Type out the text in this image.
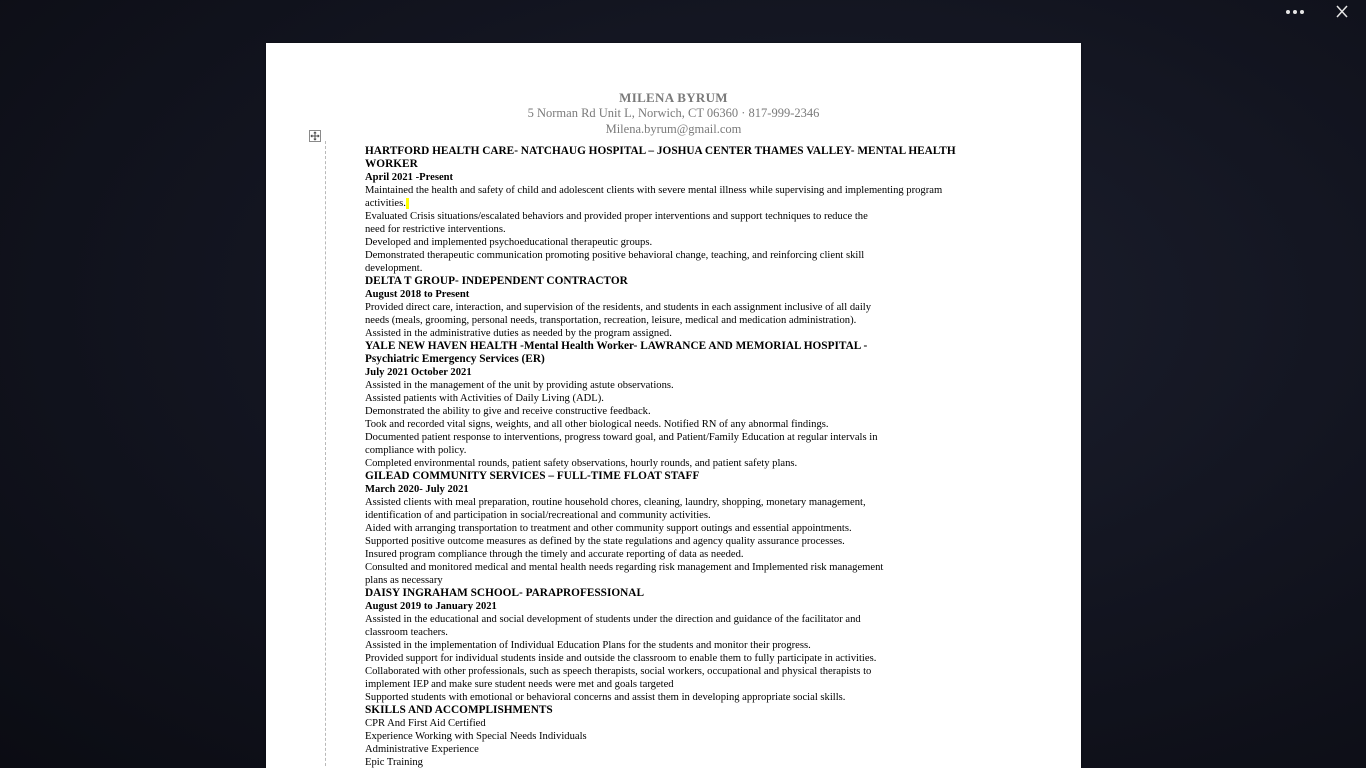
MILENA BYRUM
5 Norman Rd Unit L, Norwich, CT 06360 · 817-999-2346
Milena.byrum@gmail.com
HARTFORD HEALTH CARE- NATCHAUG HOSPITAL – JOSHUA CENTER THAMES VALLEY- MENTAL HEALTH WORKER
April 2021 -Present
Maintained the health and safety of child and adolescent clients with severe mental illness while supervising and implementing program
activities.
Evaluated Crisis situations/escalated behaviors and provided proper interventions and support techniques to reduce the
need for restrictive interventions.
Developed and implemented psychoeducational therapeutic groups.
Demonstrated therapeutic communication promoting positive behavioral change, teaching, and reinforcing client skill
development.
DELTA T GROUP- INDEPENDENT CONTRACTOR
August 2018 to Present
Provided direct care, interaction, and supervision of the residents, and students in each assignment inclusive of all daily
needs (meals, grooming, personal needs, transportation, recreation, leisure, medical and medication administration).
Assisted in the administrative duties as needed by the program assigned.
YALE NEW HAVEN HEALTH -Mental Health Worker- LAWRANCE AND MEMORIAL HOSPITAL -
Psychiatric Emergency Services (ER)
July 2021 October 2021
Assisted in the management of the unit by providing astute observations.
Assisted patients with Activities of Daily Living (ADL).
Demonstrated the ability to give and receive constructive feedback.
Took and recorded vital signs, weights, and all other biological needs. Notified RN of any abnormal findings.
Documented patient response to interventions, progress toward goal, and Patient/Family Education at regular intervals in
compliance with policy.
Completed environmental rounds, patient safety observations, hourly rounds, and patient safety plans.
GILEAD COMMUNITY SERVICES – FULL-TIME FLOAT STAFF
March 2020- July 2021
Assisted clients with meal preparation, routine household chores, cleaning, laundry, shopping, monetary management,
identification of and participation in social/recreational and community activities.
Aided with arranging transportation to treatment and other community support outings and essential appointments.
Supported positive outcome measures as defined by the state regulations and agency quality assurance processes.
Insured program compliance through the timely and accurate reporting of data as needed.
Consulted and monitored medical and mental health needs regarding risk management and Implemented risk management
plans as necessary
DAISY INGRAHAM SCHOOL- PARAPROFESSIONAL
August 2019 to January 2021
Assisted in the educational and social development of students under the direction and guidance of the facilitator and
classroom teachers.
Assisted in the implementation of Individual Education Plans for the students and monitor their progress.
Provided support for individual students inside and outside the classroom to enable them to fully participate in activities.
Collaborated with other professionals, such as speech therapists, social workers, occupational and physical therapists to
implement IEP and make sure student needs were met and goals targeted
Supported students with emotional or behavioral concerns and assist them in developing appropriate social skills.
SKILLS AND ACCOMPLISHMENTS
CPR And First Aid Certified
Experience Working with Special Needs Individuals
Administrative Experience
Epic Training
